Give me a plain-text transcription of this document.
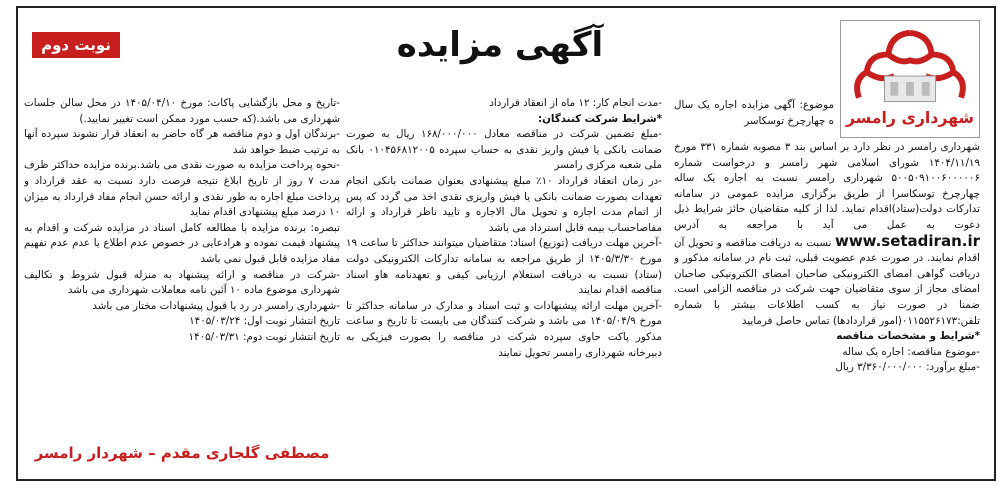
نوبت دوم	آگهی مزایده
شهرداری رامسر

موضوع: آگهی مزایده اجاره یک سال ه چهارچرخ توسکاسر

شهرداری رامسر در نظر دارد بر اساس بند ۳ مصوبه شماره ۳۳۱ مورخ ۱۴۰۴/۱۱/۱۹ شورای اسلامی شهر رامسر و درخواست شماره ۵۰۰۵۰۹۱۰۰۶۰۰۰۰۰۶ شهرداری رامسر نسبت به اجاره یک ساله چهارچرخ توسکاسرا از طریق برگزاری مزایده عمومی در سامانه تدارکات دولت(ستاد)اقدام نماید. لذا از کلیه متقاضیان حائز شرایط ذیل دعوت به عمل می آید با مراجعه به آدرس www.setadiran.ir نسبت به دریافت مناقصه و تحویل آن اقدام نمایند. در صورت عدم عضویت قبلی، ثبت نام در سامانه مذکور و دریافت گواهی امضای الکترونیکی صاحبان امضای الکترونیکی صاحبان امضای مجاز از سوی متقاضیان جهت شرکت در مناقصه الزامی است. ضمنا در صورت نیاز به کسب اطلاعات بیشتر با شماره تلفن:۰۱۱۵۵۲۶۱۷۳(امور قراردادها) تماس حاصل فرمایید

*شرایط و مشخصات مناقصه

-موضوع مناقصه: اجاره یک ساله

-مبلغ برآورد: ۳/۳۶۰/۰۰۰/۰۰۰ ریال

-مدت انجام کار: ۱۲ ماه از انعقاد قرارداد

*شرایط شرکت کنندگان:

-مبلغ تضمین شرکت در مناقصه معادل ۱۶۸/۰۰۰/۰۰۰ ریال به صورت ضمانت بانکی یا فیش واریز نقدی به حساب سپرده ۰۱۰۴۵۶۸۱۲۰۰۵ بانک ملی شعبه مرکزی رامسر

-در زمان انعقاد قرارداد ۱۰٪ مبلغ پیشنهادی بعنوان ضمانت بانکی انجام تعهدات بصورت ضمانت بانکی یا فیش واریزی نقدی اخذ می گردد که پس از اتمام مدت اجاره و تحویل مال الاجاره و تایید ناظر قرارداد و ارائه مفاصاحساب بیمه قابل استرداد می باشد

-آخرین مهلت دریافت (توزیع) اسناد: متقاضیان میتوانند حداکثر تا ساعت ۱۹ مورخ ۱۴۰۵/۳/۳۰ از طریق مراجعه به سامانه تدارکات الکترونیکی دولت (ستاد) نسبت به دریافت استعلام ارزیابی کیفی و تعهدنامه هاو اسناد مناقصه اقدام نمایند

-آخرین مهلت ارائه پیشنهادات و ثبت اسناد و مدارک در سامانه حداکثر تا مورخ ۱۴۰۵/۰۴/۹ می باشد و شرکت کنندگان می بایست تا تاریخ و ساعت مذکور پاکت حاوی سپرده شرکت در مناقصه را بصورت فیزیکی به دبیرخانه شهرداری رامسر تحویل نمایند

-تاریخ و محل بازگشایی پاکات: مورخ ۱۴۰۵/۰۴/۱۰ در محل سالن جلسات شهرداری می باشد.(که حسب مورد ممکن است تغییر نمایید.)

-برندگان اول و دوم مناقصه هر گاه حاضر به انعقاد قرار نشوند سپرده آنها به ترتیب ضبط خواهد شد

-نحوه پرداخت مزایده به صورت نقدی می باشد.برنده مزایده حداکثر ظرف مدت ۷ روز از تاریخ ابلاغ نتیجه فرصت دارد نسبت به عقد قرارداد و پرداخت مبلغ اجاره به طور نقدی و ارائه حسن انجام مفاد قرارداد به میزان ۱۰ درصد مبلغ پیشنهادی اقدام نماید

تبصره: برنده مزایده با مطالعه کامل اسناد در مزایده شرکت و اقدام به پیشنهاد قیمت نموده و هرادعایی در خصوص عدم اطلاع یا عدم عدم تفهیم مفاد مزایده قابل قبول نمی باشد

-شرکت در مناقصه و ارائه پیشنهاد به منزله قبول شروط و تکالیف شهرداری موضوع ماده ۱۰ آئین نامه معاملات شهرداری می باشد

-شهرداری رامسر در رد یا قبول پیشنهادات مختار می باشد

تاریخ انتشار نوبت اول: ۱۴۰۵/۰۳/۲۴

تاریخ انتشار نوبت دوم: ۱۴۰۵/۰۳/۳۱

مصطفی گلجاری مقدم – شهردار رامسر
